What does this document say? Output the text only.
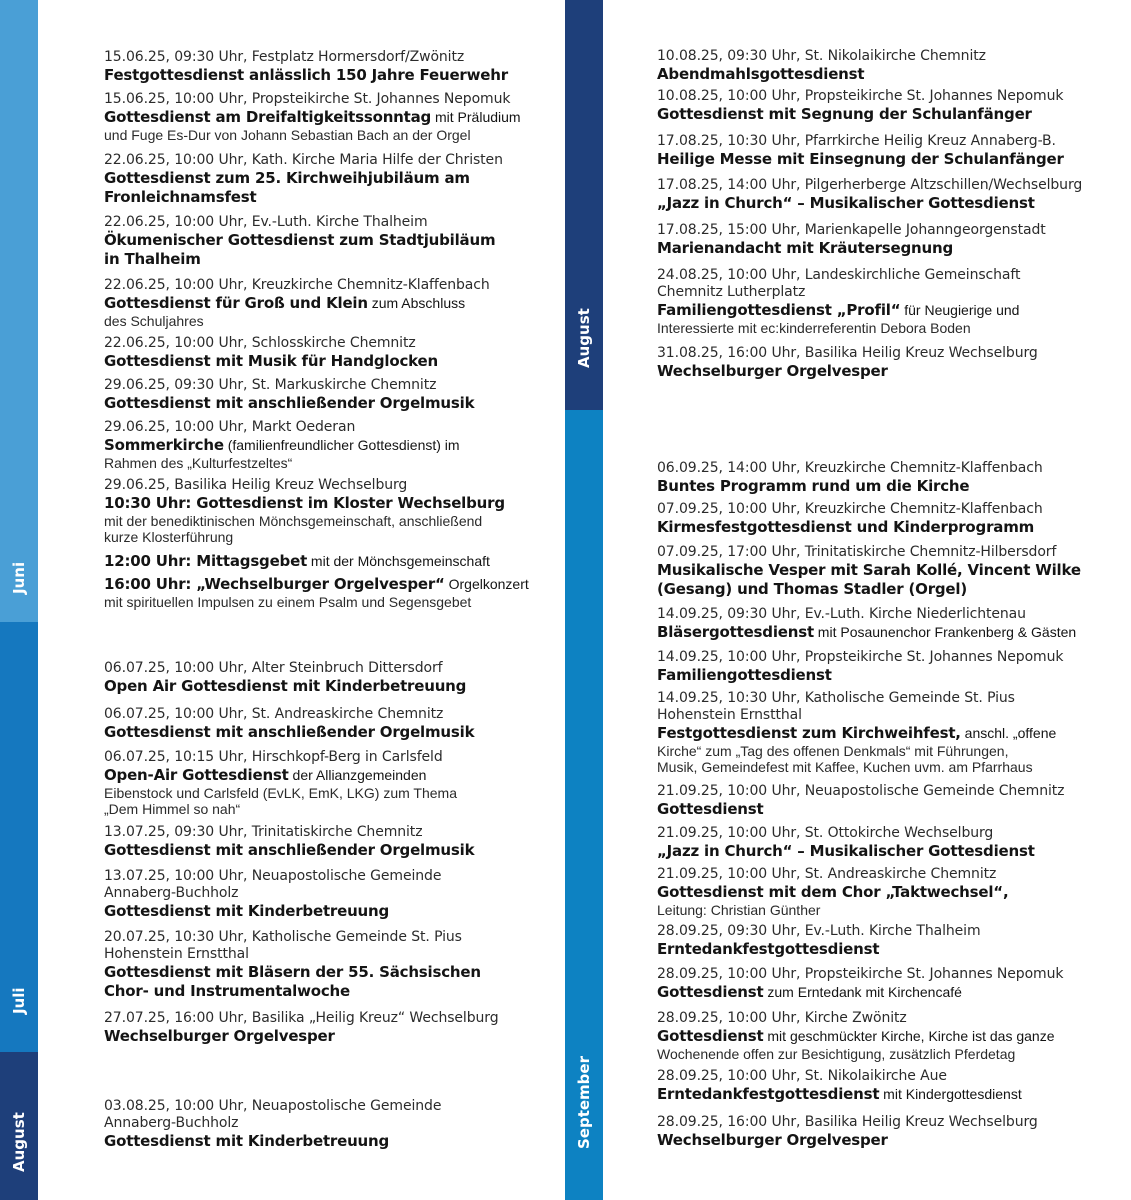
Juni
Juli
August
August
September
15.06.25, 09:30 Uhr, Festplatz Hormersdorf/Zwönitz
Festgottesdienst anlässlich 150 Jahre Feuerwehr
15.06.25, 10:00 Uhr, Propsteikirche St. Johannes Nepomuk
Gottesdienst am Dreifaltigkeitssonntag mit Präludium
und Fuge Es-Dur von Johann Sebastian Bach an der Orgel
22.06.25, 10:00 Uhr, Kath. Kirche Maria Hilfe der Christen
Gottesdienst zum 25. Kirchweihjubiläum am
Fronleichnamsfest
22.06.25, 10:00 Uhr, Ev.-Luth. Kirche Thalheim
Ökumenischer Gottesdienst zum Stadtjubiläum
in Thalheim
22.06.25, 10:00 Uhr, Kreuzkirche Chemnitz-Klaffenbach
Gottesdienst für Groß und Klein zum Abschluss
des Schuljahres
22.06.25, 10:00 Uhr, Schlosskirche Chemnitz
Gottesdienst mit Musik für Handglocken
29.06.25, 09:30 Uhr, St. Markuskirche Chemnitz
Gottesdienst mit anschließender Orgelmusik
29.06.25, 10:00 Uhr, Markt Oederan
Sommerkirche (familienfreundlicher Gottesdienst) im
Rahmen des „Kulturfestzeltes“
29.06.25, Basilika Heilig Kreuz Wechselburg
10:30 Uhr: Gottesdienst im Kloster Wechselburg
mit der benediktinischen Mönchsgemeinschaft, anschließend
kurze Klosterführung
12:00 Uhr: Mittagsgebet mit der Mönchsgemeinschaft
16:00 Uhr: „Wechselburger Orgelvesper“ Orgelkonzert
mit spirituellen Impulsen zu einem Psalm und Segensgebet
06.07.25, 10:00 Uhr, Alter Steinbruch Dittersdorf
Open Air Gottesdienst mit Kinderbetreuung
06.07.25, 10:00 Uhr, St. Andreaskirche Chemnitz
Gottesdienst mit anschließender Orgelmusik
06.07.25, 10:15 Uhr, Hirschkopf-Berg in Carlsfeld
Open-Air Gottesdienst der Allianzgemeinden
Eibenstock und Carlsfeld (EvLK, EmK, LKG) zum Thema
„Dem Himmel so nah“
13.07.25, 09:30 Uhr, Trinitatiskirche Chemnitz
Gottesdienst mit anschließender Orgelmusik
13.07.25, 10:00 Uhr, Neuapostolische Gemeinde
Annaberg-Buchholz
Gottesdienst mit Kinderbetreuung
20.07.25, 10:30 Uhr, Katholische Gemeinde St. Pius
Hohenstein Ernstthal
Gottesdienst mit Bläsern der 55. Sächsischen
Chor- und Instrumentalwoche
27.07.25, 16:00 Uhr, Basilika „Heilig Kreuz“ Wechselburg
Wechselburger Orgelvesper
03.08.25, 10:00 Uhr, Neuapostolische Gemeinde
Annaberg-Buchholz
Gottesdienst mit Kinderbetreuung
10.08.25, 09:30 Uhr, St. Nikolaikirche Chemnitz
Abendmahlsgottesdienst
10.08.25, 10:00 Uhr, Propsteikirche St. Johannes Nepomuk
Gottesdienst mit Segnung der Schulanfänger
17.08.25, 10:30 Uhr, Pfarrkirche Heilig Kreuz Annaberg-B.
Heilige Messe mit Einsegnung der Schulanfänger
17.08.25, 14:00 Uhr, Pilgerherberge Altzschillen/Wechselburg
„Jazz in Church“ – Musikalischer Gottesdienst
17.08.25, 15:00 Uhr, Marienkapelle Johanngeorgenstadt
Marienandacht mit Kräutersegnung
24.08.25, 10:00 Uhr, Landeskirchliche Gemeinschaft
Chemnitz Lutherplatz
Familiengottesdienst „Profil“ für Neugierige und
Interessierte mit ec:kinderreferentin Debora Boden
31.08.25, 16:00 Uhr, Basilika Heilig Kreuz Wechselburg
Wechselburger Orgelvesper
06.09.25, 14:00 Uhr, Kreuzkirche Chemnitz-Klaffenbach
Buntes Programm rund um die Kirche
07.09.25, 10:00 Uhr, Kreuzkirche Chemnitz-Klaffenbach
Kirmesfestgottesdienst und Kinderprogramm
07.09.25, 17:00 Uhr, Trinitatiskirche Chemnitz-Hilbersdorf
Musikalische Vesper mit Sarah Kollé, Vincent Wilke
(Gesang) und Thomas Stadler (Orgel)
14.09.25, 09:30 Uhr, Ev.-Luth. Kirche Niederlichtenau
Bläsergottesdienst mit Posaunenchor Frankenberg & Gästen
14.09.25, 10:00 Uhr, Propsteikirche St. Johannes Nepomuk
Familiengottesdienst
14.09.25, 10:30 Uhr, Katholische Gemeinde St. Pius
Hohenstein Ernstthal
Festgottesdienst zum Kirchweihfest, anschl. „offene
Kirche“ zum „Tag des offenen Denkmals“ mit Führungen,
Musik, Gemeindefest mit Kaffee, Kuchen uvm. am Pfarrhaus
21.09.25, 10:00 Uhr, Neuapostolische Gemeinde Chemnitz
Gottesdienst
21.09.25, 10:00 Uhr, St. Ottokirche Wechselburg
„Jazz in Church“ – Musikalischer Gottesdienst
21.09.25, 10:00 Uhr, St. Andreaskirche Chemnitz
Gottesdienst mit dem Chor „Taktwechsel“,
Leitung: Christian Günther
28.09.25, 09:30 Uhr, Ev.-Luth. Kirche Thalheim
Erntedankfestgottesdienst
28.09.25, 10:00 Uhr, Propsteikirche St. Johannes Nepomuk
Gottesdienst zum Erntedank mit Kirchencafé
28.09.25, 10:00 Uhr, Kirche Zwönitz
Gottesdienst mit geschmückter Kirche, Kirche ist das ganze
Wochenende offen zur Besichtigung, zusätzlich Pferdetag
28.09.25, 10:00 Uhr, St. Nikolaikirche Aue
Erntedankfestgottesdienst mit Kindergottesdienst
28.09.25, 16:00 Uhr, Basilika Heilig Kreuz Wechselburg
Wechselburger Orgelvesper
